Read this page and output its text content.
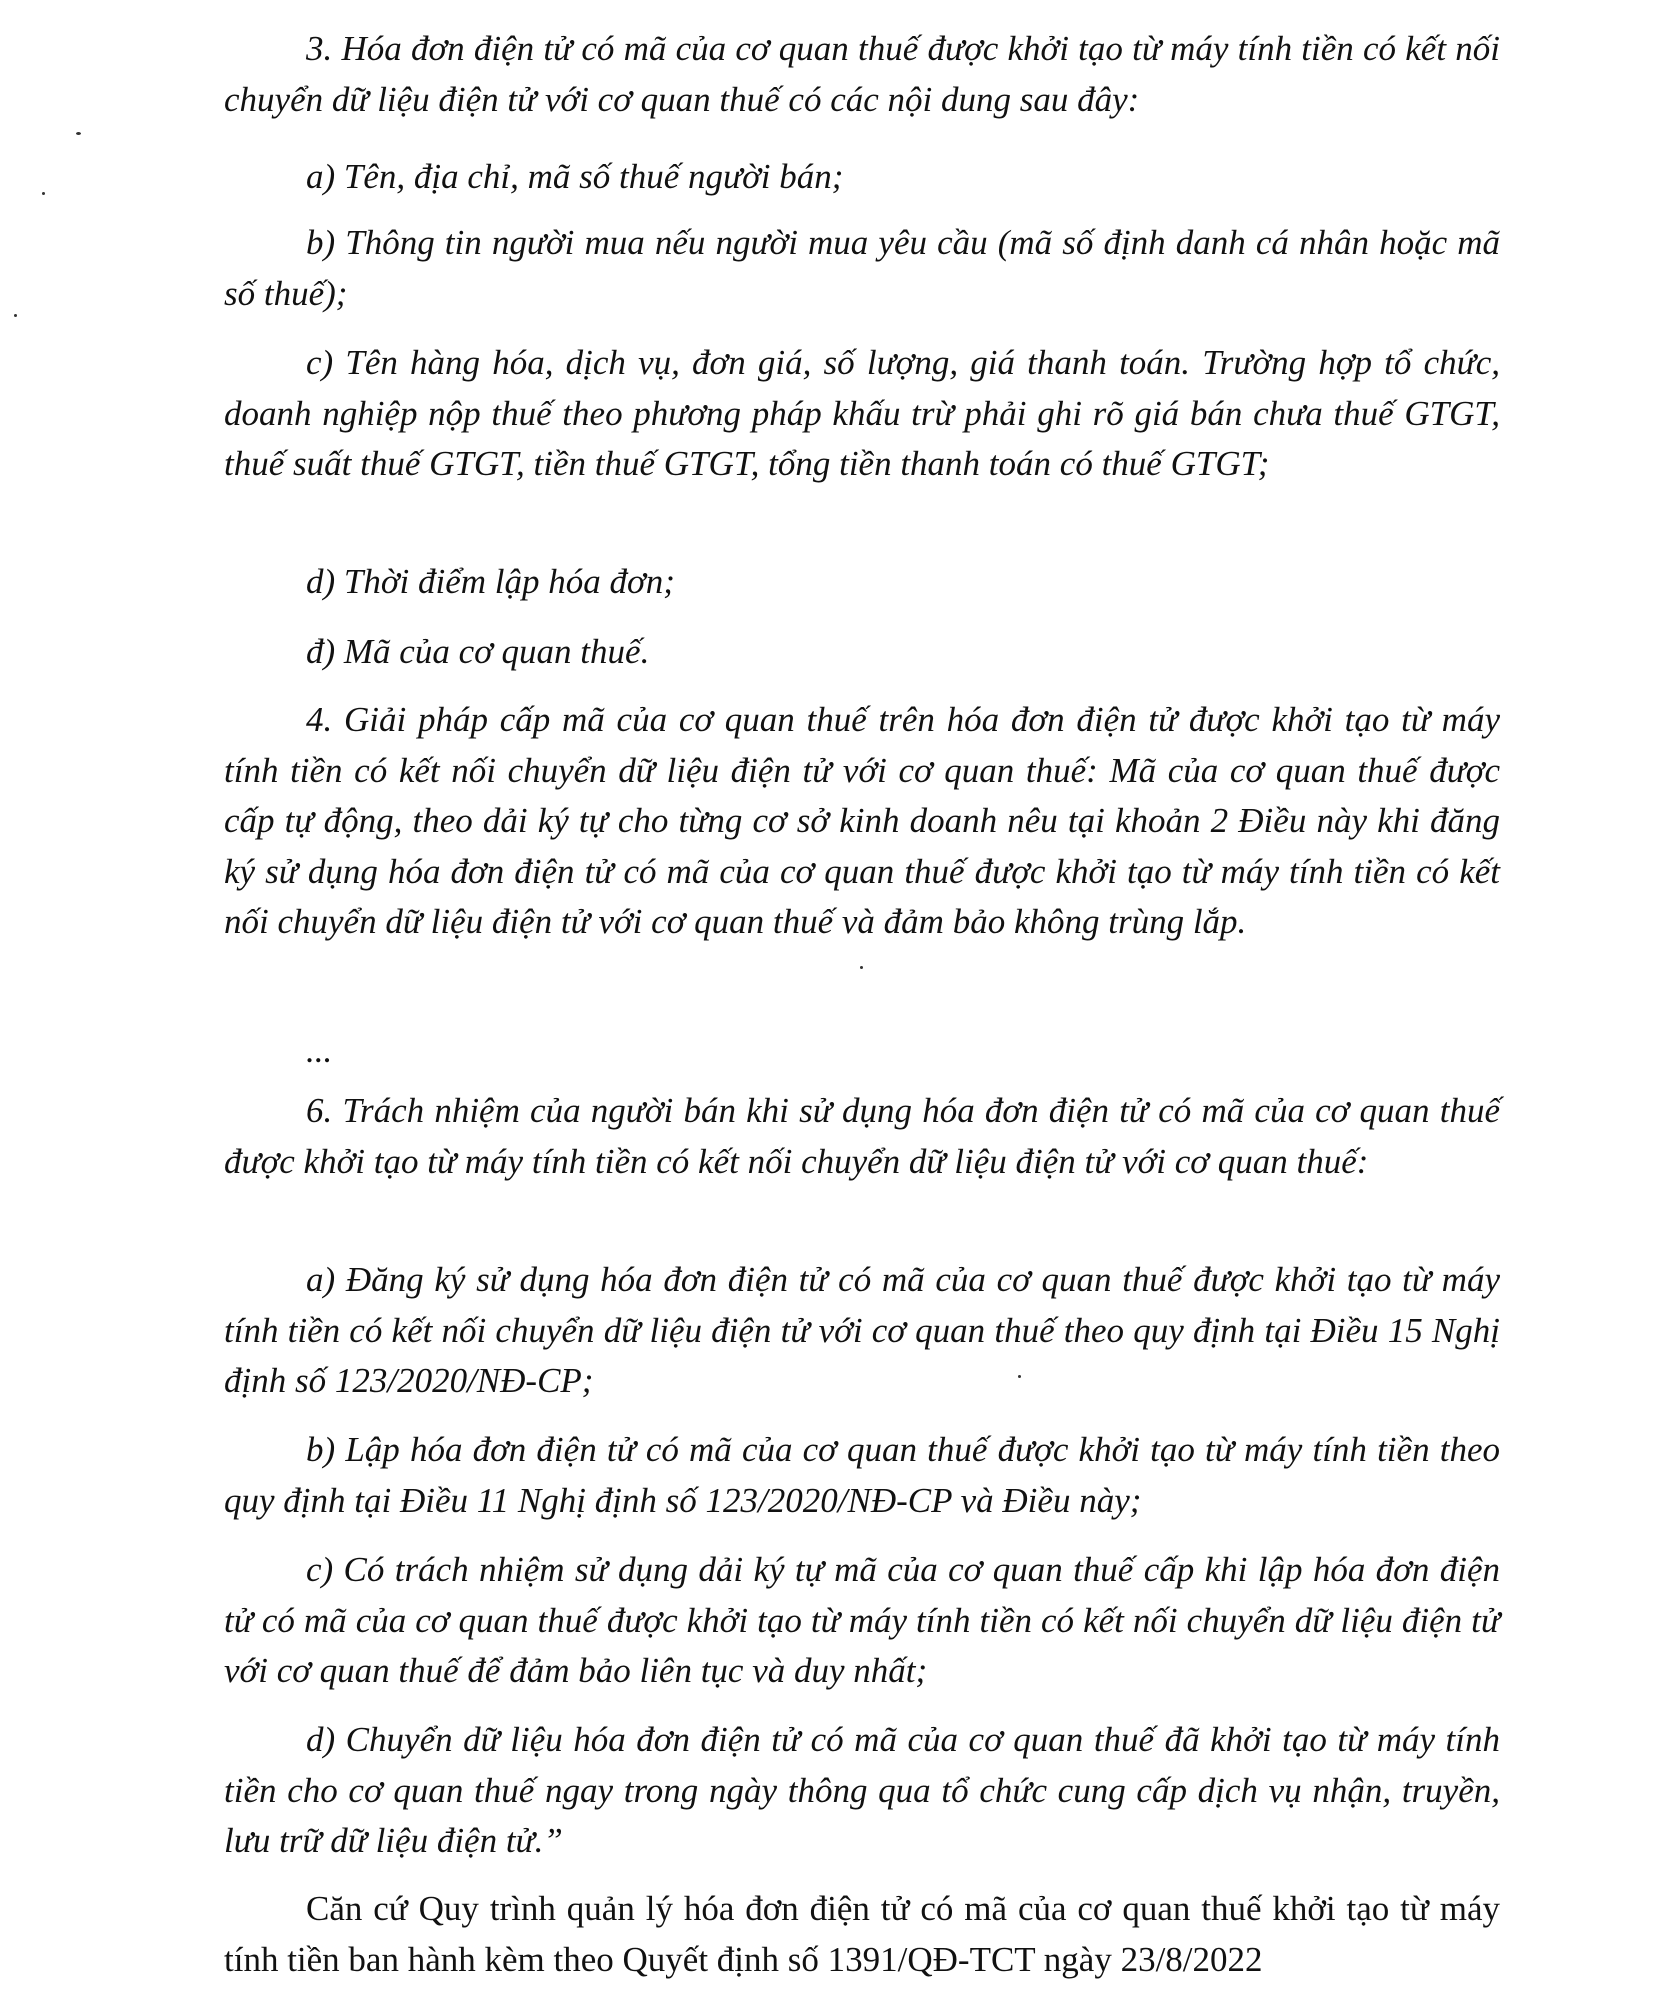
3. Hóa đơn điện tử có mã của cơ quan thuế được khởi tạo từ máy tính tiền có kết nối chuyển dữ liệu điện tử với cơ quan thuế có các nội dung sau đây:

a) Tên, địa chỉ, mã số thuế người bán;

b) Thông tin người mua nếu người mua yêu cầu (mã số định danh cá nhân hoặc mã số thuế);

c) Tên hàng hóa, dịch vụ, đơn giá, số lượng, giá thanh toán. Trường hợp tổ chức, doanh nghiệp nộp thuế theo phương pháp khấu trừ phải ghi rõ giá bán chưa thuế GTGT, thuế suất thuế GTGT, tiền thuế GTGT, tổng tiền thanh toán có thuế GTGT;

d) Thời điểm lập hóa đơn;

đ) Mã của cơ quan thuế.

4. Giải pháp cấp mã của cơ quan thuế trên hóa đơn điện tử được khởi tạo từ máy tính tiền có kết nối chuyển dữ liệu điện tử với cơ quan thuế: Mã của cơ quan thuế được cấp tự động, theo dải ký tự cho từng cơ sở kinh doanh nêu tại khoản 2 Điều này khi đăng ký sử dụng hóa đơn điện tử có mã của cơ quan thuế được khởi tạo từ máy tính tiền có kết nối chuyển dữ liệu điện tử với cơ quan thuế và đảm bảo không trùng lắp.

...

6. Trách nhiệm của người bán khi sử dụng hóa đơn điện tử có mã của cơ quan thuế được khởi tạo từ máy tính tiền có kết nối chuyển dữ liệu điện tử với cơ quan thuế:

a) Đăng ký sử dụng hóa đơn điện tử có mã của cơ quan thuế được khởi tạo từ máy tính tiền có kết nối chuyển dữ liệu điện tử với cơ quan thuế theo quy định tại Điều 15 Nghị định số 123/2020/NĐ-CP;

b) Lập hóa đơn điện tử có mã của cơ quan thuế được khởi tạo từ máy tính tiền theo quy định tại Điều 11 Nghị định số 123/2020/NĐ-CP và Điều này;

c) Có trách nhiệm sử dụng dải ký tự mã của cơ quan thuế cấp khi lập hóa đơn điện tử có mã của cơ quan thuế được khởi tạo từ máy tính tiền có kết nối chuyển dữ liệu điện tử với cơ quan thuế để đảm bảo liên tục và duy nhất;

d) Chuyển dữ liệu hóa đơn điện tử có mã của cơ quan thuế đã khởi tạo từ máy tính tiền cho cơ quan thuế ngay trong ngày thông qua tổ chức cung cấp dịch vụ nhận, truyền, lưu trữ dữ liệu điện tử.”

Căn cứ Quy trình quản lý hóa đơn điện tử có mã của cơ quan thuế khởi tạo từ máy tính tiền ban hành kèm theo Quyết định số 1391/QĐ-TCT ngày 23/8/2022
